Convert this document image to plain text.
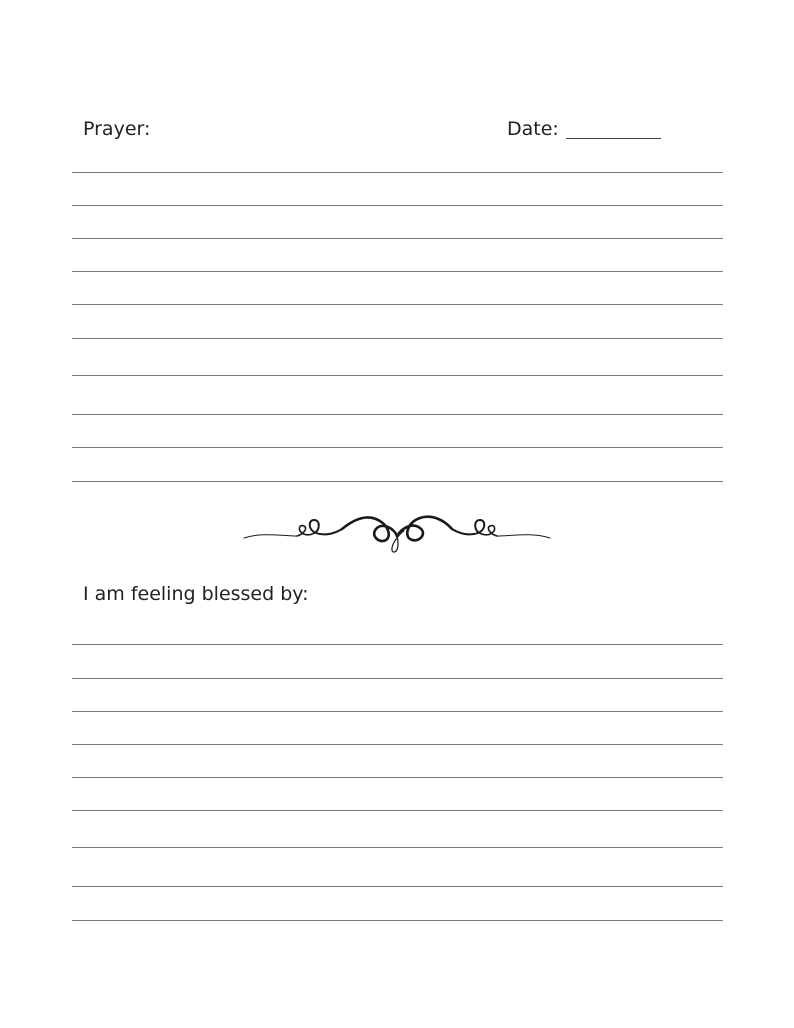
Prayer:	Date:
I am feeling blessed by:
